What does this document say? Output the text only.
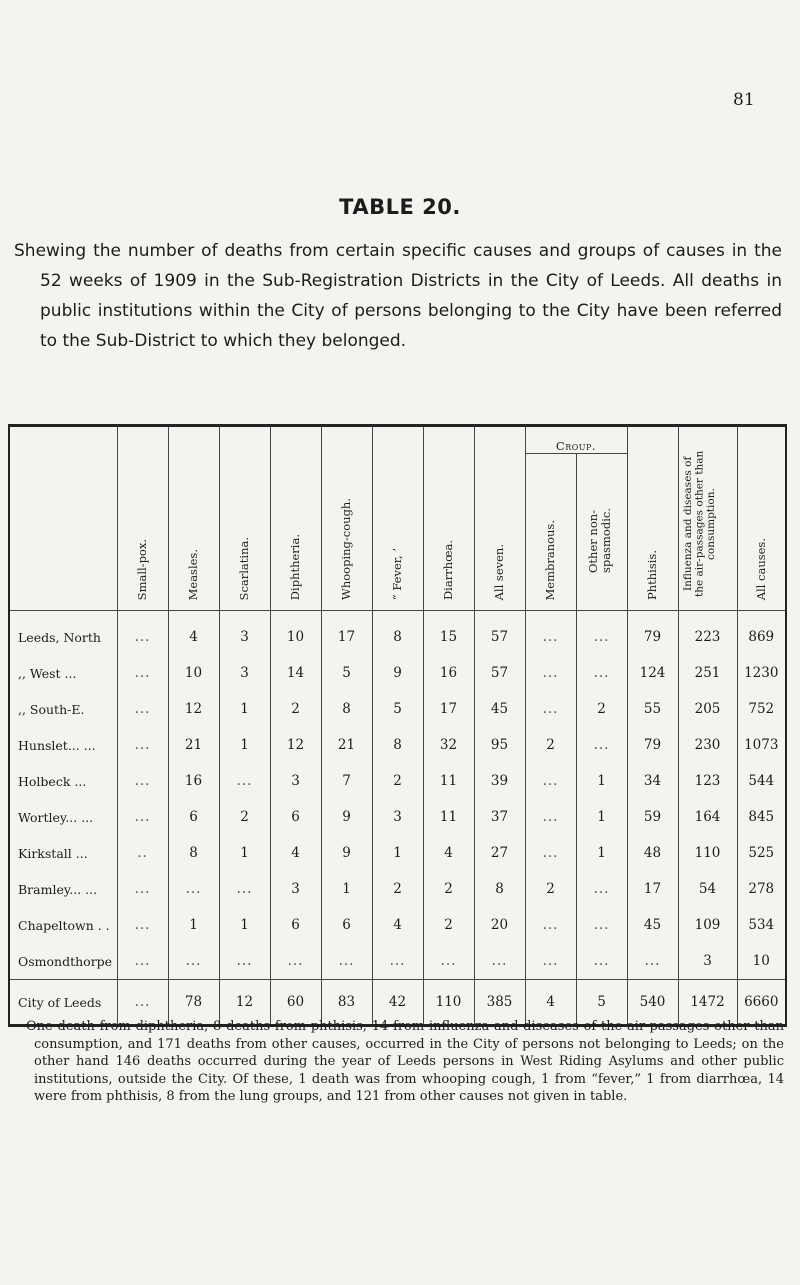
81
TABLE 20.

Shewing the number of deaths from certain specific causes and groups of causes in the 52 weeks of 1909 in the Sub-Registration Districts in the City of Leeds. All deaths in public institutions within the City of persons belonging to the City have been referred to the Sub-District to which they belonged.

	Small-pox.	Measles.	Scarlatina.	Diphtheria.	Whooping-cough.	“ Fever, ’	Diarrhœa.	All seven.	Croup.		Phthisis.	Influenza and diseases of the air-passages other than consumption.	All causes.

									Membranous.	Other non-spasmodic.			

Leeds, North	...	4	3	10	17	8	15	57	...	...	79	223	869
,, West ...	...	10	3	14	5	9	16	57	...	...	124	251	1230
,, South-E.	...	12	1	2	8	5	17	45	...	2	55	205	752
Hunslet... ...	...	21	1	12	21	8	32	95	2	...	79	230	1073
Holbeck ...	...	16	...	3	7	2	11	39	...	1	34	123	544
Wortley... ...	...	6	2	6	9	3	11	37	...	1	59	164	845
Kirkstall ...	..	8	1	4	9	1	4	27	...	1	48	110	525
Bramley... ...	...	...	...	3	1	2	2	8	2	...	17	54	278
Chapeltown . .	...	1	1	6	6	4	2	20	...	...	45	109	534
Osmondthorpe	...	...	...	...	...	...	...	...	...	...	...	3	10
City of Leeds	...	78	12	60	83	42	110	385	4	5	540	1472	6660

One death from diphtheria, 8 deaths from phthisis, 14 from influenza and diseases of the air-passages other than consumption, and 171 deaths from other causes, occurred in the City of persons not belonging to Leeds; on the other hand 146 deaths occurred during the year of Leeds persons in West Riding Asylums and other public institutions, outside the City. Of these, 1 death was from whooping cough, 1 from “fever,” 1 from diarrhœa, 14 were from phthisis, 8 from the lung groups, and 121 from other causes not given in table.
